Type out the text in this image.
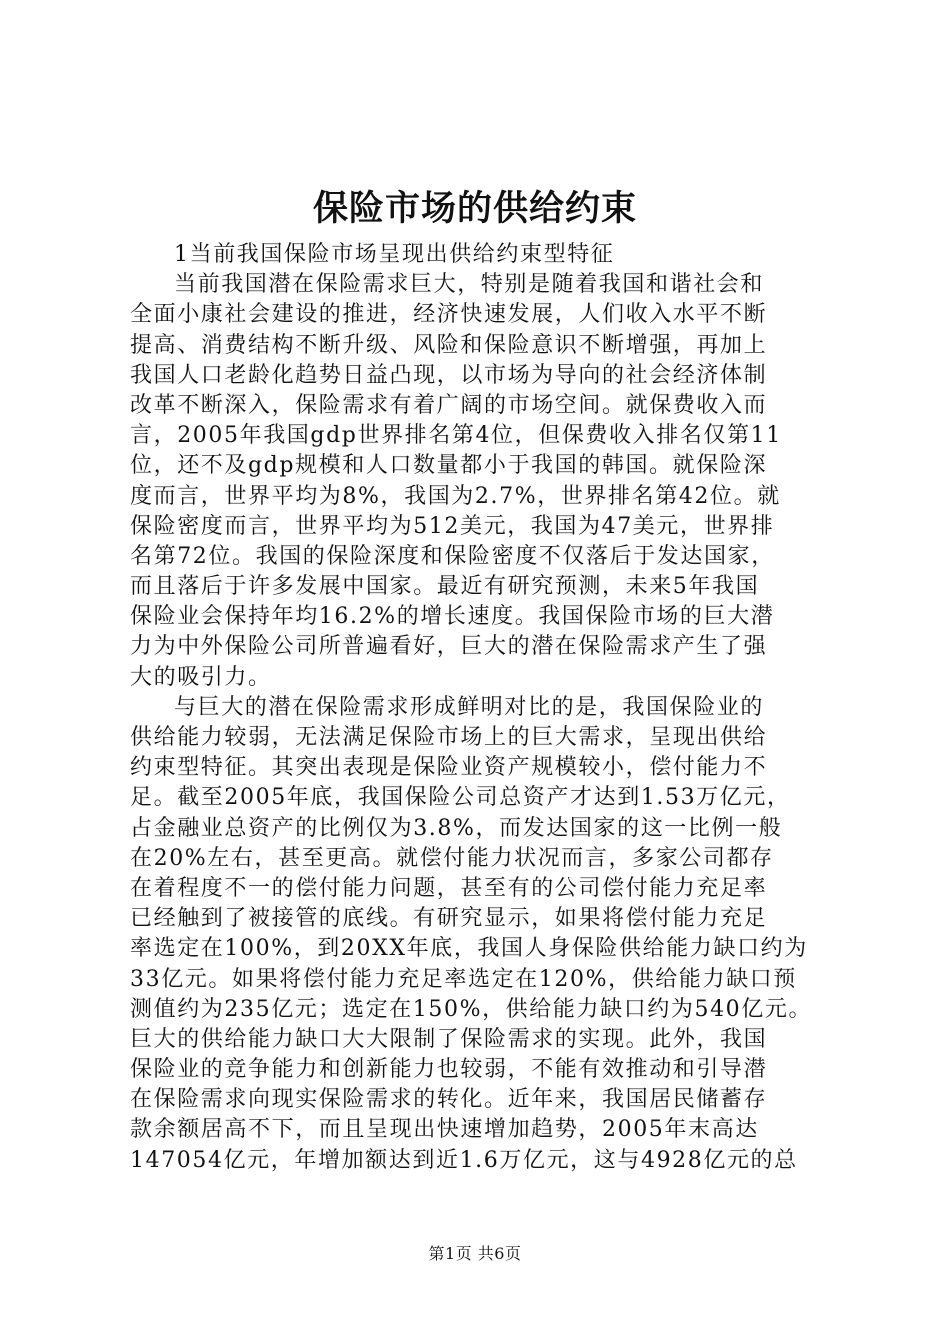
保险市场的供给约束
1当前我国保险市场呈现出供给约束型特征
当前我国潜在保险需求巨大，特别是随着我国和谐社会和
全面小康社会建设的推进，经济快速发展，人们收入水平不断
提高、消费结构不断升级、风险和保险意识不断增强，再加上
我国人口老龄化趋势日益凸现，以市场为导向的社会经济体制
改革不断深入，保险需求有着广阔的市场空间。就保费收入而
言，2005年我国gdp世界排名第4位，但保费收入排名仅第11
位，还不及gdp规模和人口数量都小于我国的韩国。就保险深
度而言，世界平均为8%，我国为2.7%，世界排名第42位。就
保险密度而言，世界平均为512美元，我国为47美元，世界排
名第72位。我国的保险深度和保险密度不仅落后于发达国家，
而且落后于许多发展中国家。最近有研究预测，未来5年我国
保险业会保持年均16.2%的增长速度。我国保险市场的巨大潜
力为中外保险公司所普遍看好，巨大的潜在保险需求产生了强
大的吸引力。
与巨大的潜在保险需求形成鲜明对比的是，我国保险业的
供给能力较弱，无法满足保险市场上的巨大需求，呈现出供给
约束型特征。其突出表现是保险业资产规模较小，偿付能力不
足。截至2005年底，我国保险公司总资产才达到1.53万亿元，
占金融业总资产的比例仅为3.8%，而发达国家的这一比例一般
在20%左右，甚至更高。就偿付能力状况而言，多家公司都存
在着程度不一的偿付能力问题，甚至有的公司偿付能力充足率
已经触到了被接管的底线。有研究显示，如果将偿付能力充足
率选定在100%，到20XX年底，我国人身保险供给能力缺口约为
33亿元。如果将偿付能力充足率选定在120%，供给能力缺口预
测值约为235亿元；选定在150%，供给能力缺口约为540亿元。
巨大的供给能力缺口大大限制了保险需求的实现。此外，我国
保险业的竞争能力和创新能力也较弱，不能有效推动和引导潜
在保险需求向现实保险需求的转化。近年来，我国居民储蓄存
款余额居高不下，而且呈现出快速增加趋势，2005年末高达
147054亿元，年增加额达到近1.6万亿元，这与4928亿元的总
第1页 共6页
